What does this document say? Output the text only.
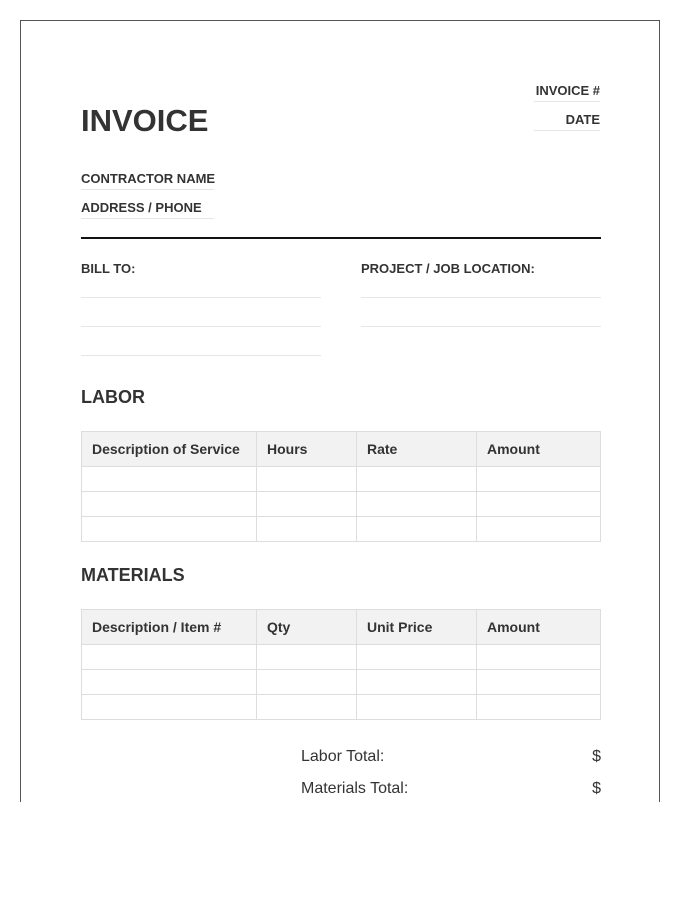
INVOICE
INVOICE #
DATE
CONTRACTOR NAME
ADDRESS / PHONE
BILL TO:	PROJECT / JOB LOCATION:
LABOR
Description of Service	Hours	Rate	Amount

MATERIALS
Description / Item #	Qty	Unit Price	Amount

Labor Total:	$
Materials Total:	$
